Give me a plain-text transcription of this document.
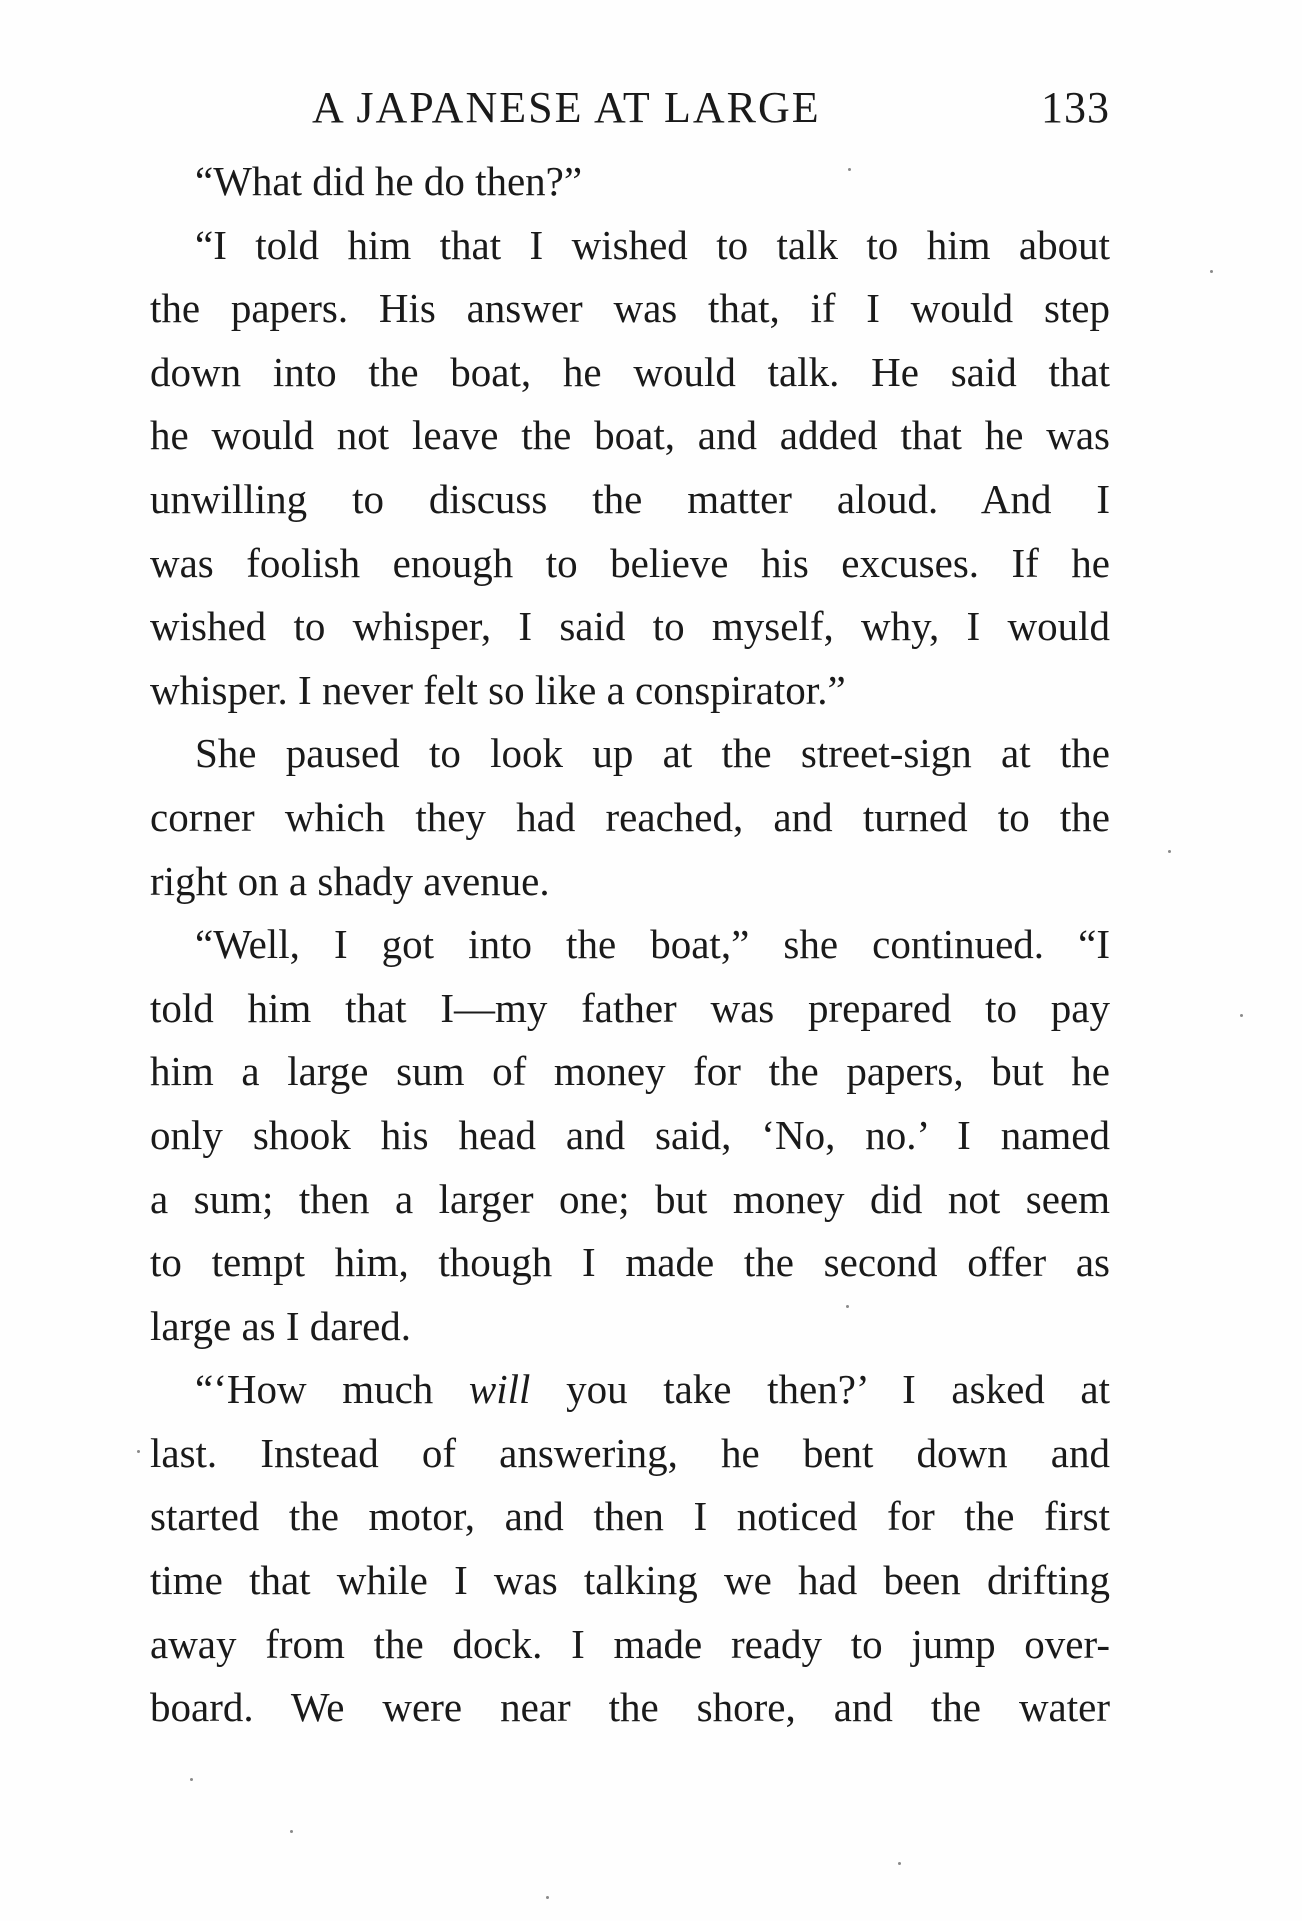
A JAPANESE AT LARGE	133
“What did he do then?”
“I told him that I wished to talk to him about
the papers. His answer was that, if I would step
down into the boat, he would talk. He said that
he would not leave the boat, and added that he was
unwilling to discuss the matter aloud. And I
was foolish enough to believe his excuses. If he
wished to whisper, I said to myself, why, I would
whisper. I never felt so like a conspirator.”
She paused to look up at the street-sign at the
corner which they had reached, and turned to the
right on a shady avenue.
“Well, I got into the boat,” she continued. “I
told him that I—my father was prepared to pay
him a large sum of money for the papers, but he
only shook his head and said, ‘No, no.’ I named
a sum; then a larger one; but money did not seem
to tempt him, though I made the second offer as
large as I dared.
“‘How much will you take then?’ I asked at
last. Instead of answering, he bent down and
started the motor, and then I noticed for the first
time that while I was talking we had been drifting
away from the dock. I made ready to jump over-
board. We were near the shore, and the water
